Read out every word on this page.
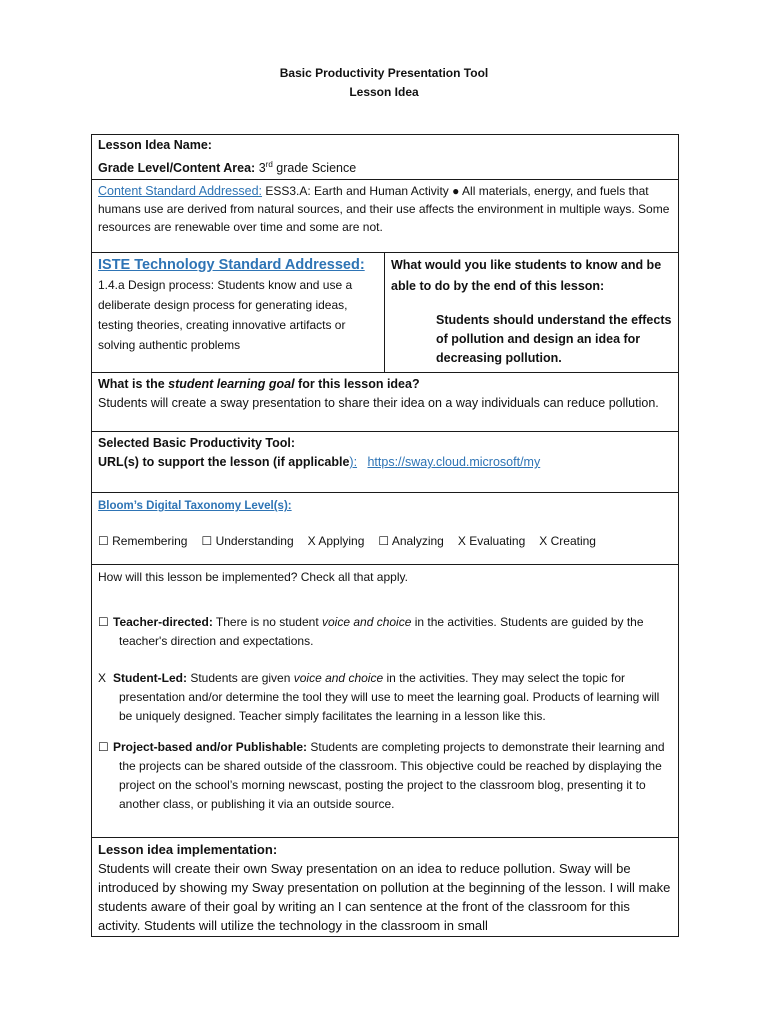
Basic Productivity Presentation Tool
Lesson Idea
Lesson Idea Name:
Grade Level/Content Area: 3rd grade Science
Content Standard Addressed: ESS3.A: Earth and Human Activity ● All materials, energy, and fuels that humans use are derived from natural sources, and their use affects the environment in multiple ways. Some resources are renewable over time and some are not.
ISTE Technology Standard Addressed:
1.4.a Design process: Students know and use a deliberate design process for generating ideas, testing theories, creating innovative artifacts or solving authentic problems
What would you like students to know and be able to do by the end of this lesson:
Students should understand the effects of pollution and design an idea for decreasing pollution.
What is the student learning goal for this lesson idea?
Students will create a sway presentation to share their idea on a way individuals can reduce pollution.
Selected Basic Productivity Tool:
URL(s) to support the lesson (if applicable): https://sway.cloud.microsoft/my
Bloom’s Digital Taxonomy Level(s):
☐ Remembering ☐ Understanding X Applying ☐ Analyzing X Evaluating X Creating
How will this lesson be implemented? Check all that apply.
☐ Teacher-directed: There is no student voice and choice in the activities. Students are guided by the teacher's direction and expectations.
X Student-Led: Students are given voice and choice in the activities. They may select the topic for presentation and/or determine the tool they will use to meet the learning goal. Products of learning will be uniquely designed. Teacher simply facilitates the learning in a lesson like this.
☐ Project-based and/or Publishable: Students are completing projects to demonstrate their learning and the projects can be shared outside of the classroom. This objective could be reached by displaying the project on the school’s morning newscast, posting the project to the classroom blog, presenting it to another class, or publishing it via an outside source.
Lesson idea implementation:
Students will create their own Sway presentation on an idea to reduce pollution. Sway will be introduced by showing my Sway presentation on pollution at the beginning of the lesson. I will make students aware of their goal by writing an I can sentence at the front of the classroom for this activity. Students will utilize the technology in the classroom in small
